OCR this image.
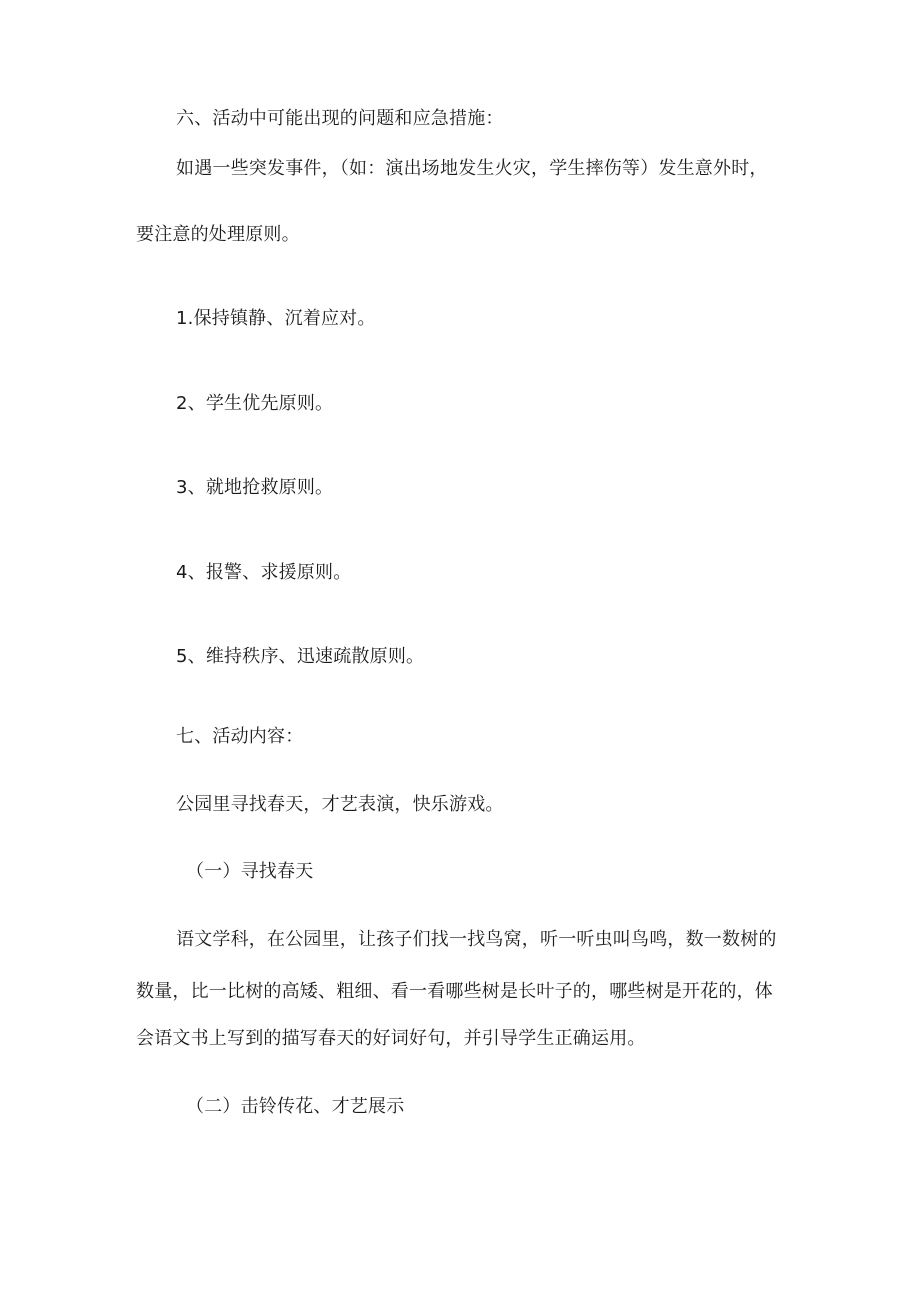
六、活动中可能出现的问题和应急措施：
如遇一些突发事件，（如：演出场地发生火灾，学生摔伤等）发生意外时，
要注意的处理原则。
1.保持镇静、沉着应对。
2、学生优先原则。
3、就地抢救原则。
4、报警、求援原则。
5、维持秩序、迅速疏散原则。
七、活动内容：
公园里寻找春天，才艺表演，快乐游戏。
（一）寻找春天
语文学科，在公园里，让孩子们找一找鸟窝，听一听虫叫鸟鸣，数一数树的
数量，比一比树的高矮、粗细、看一看哪些树是长叶子的，哪些树是开花的，体
会语文书上写到的描写春天的好词好句，并引导学生正确运用。
（二）击铃传花、才艺展示
